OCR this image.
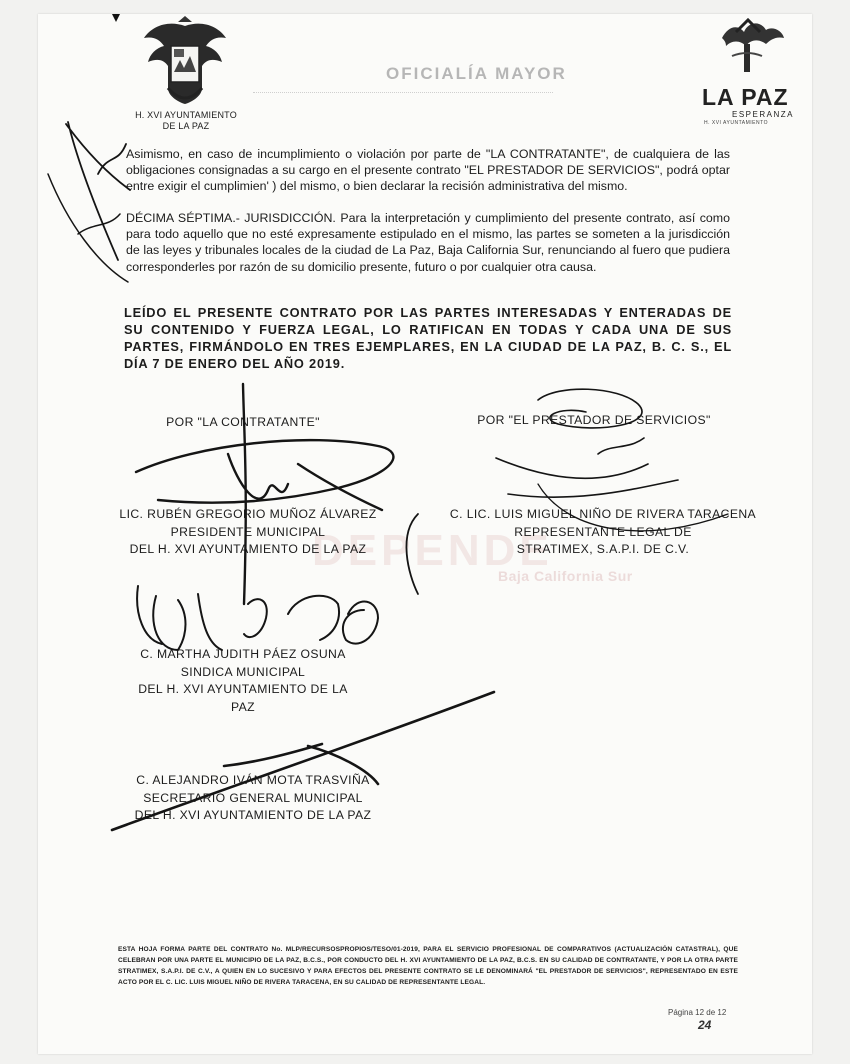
H. XVI AYUNTAMIENTO
DE LA PAZ
OFICIALÍA MAYOR
LA PAZ
ESPERANZA
H. XVI AYUNTAMIENTO
Asimismo, en caso de incumplimiento o violación por parte de "LA CONTRATANTE", de cualquiera de las obligaciones consignadas a su cargo en el presente contrato "EL PRESTADOR DE SERVICIOS", podrá optar entre exigir el cumplimien' ) del mismo, o bien declarar la recisión administrativa del mismo.
DÉCIMA SÉPTIMA.- JURISDICCIÓN. Para la interpretación y cumplimiento del presente contrato, así como para todo aquello que no esté expresamente estipulado en el mismo, las partes se someten a la jurisdicción de las leyes y tribunales locales de la ciudad de La Paz, Baja California Sur, renunciando al fuero que pudiera corresponderles por razón de su domicilio presente, futuro o por cualquier otra causa.
LEÍDO EL PRESENTE CONTRATO POR LAS PARTES INTERESADAS Y ENTERADAS DE SU CONTENIDO Y FUERZA LEGAL, LO RATIFICAN EN TODAS Y CADA UNA DE SUS PARTES, FIRMÁNDOLO EN TRES EJEMPLARES, EN LA CIUDAD DE LA PAZ, B. C. S., EL DÍA 7 DE ENERO DEL AÑO 2019.
DEPENDE
Baja California Sur
POR "LA CONTRATANTE"	POR "EL PRESTADOR DE SERVICIOS"
LIC. RUBÉN GREGORIO MUÑOZ ÁLVAREZ
PRESIDENTE MUNICIPAL
DEL H. XVI AYUNTAMIENTO DE LA PAZ
C. LIC. LUIS MIGUEL NIÑO DE RIVERA TARACENA
REPRESENTANTE LEGAL DE
STRATIMEX, S.A.P.I. DE C.V.
C. MARTHA JUDITH PÁEZ OSUNA
SINDICA MUNICIPAL
DEL H. XVI AYUNTAMIENTO DE LA PAZ
C. ALEJANDRO IVÁN MOTA TRASVIÑA
SECRETARIO GENERAL MUNICIPAL
DEL H. XVI AYUNTAMIENTO DE LA PAZ
ESTA HOJA FORMA PARTE DEL CONTRATO No. MLP/RECURSOSPROPIOS/TESO/01-2019, PARA EL SERVICIO PROFESIONAL DE COMPARATIVOS (ACTUALIZACIÓN CATASTRAL), QUE CELEBRAN POR UNA PARTE EL MUNICIPIO DE LA PAZ, B.C.S., POR CONDUCTO DEL H. XVI AYUNTAMIENTO DE LA PAZ, B.C.S. EN SU CALIDAD DE CONTRATANTE, Y POR LA OTRA PARTE STRATIMEX, S.A.P.I. DE C.V., A QUIEN EN LO SUCESIVO Y PARA EFECTOS DEL PRESENTE CONTRATO SE LE DENOMINARÁ "EL PRESTADOR DE SERVICIOS", REPRESENTADO EN ESTE ACTO POR EL C. LIC. LUIS MIGUEL NIÑO DE RIVERA TARACENA, EN SU CALIDAD DE REPRESENTANTE LEGAL.
Página 12 de 12
24
